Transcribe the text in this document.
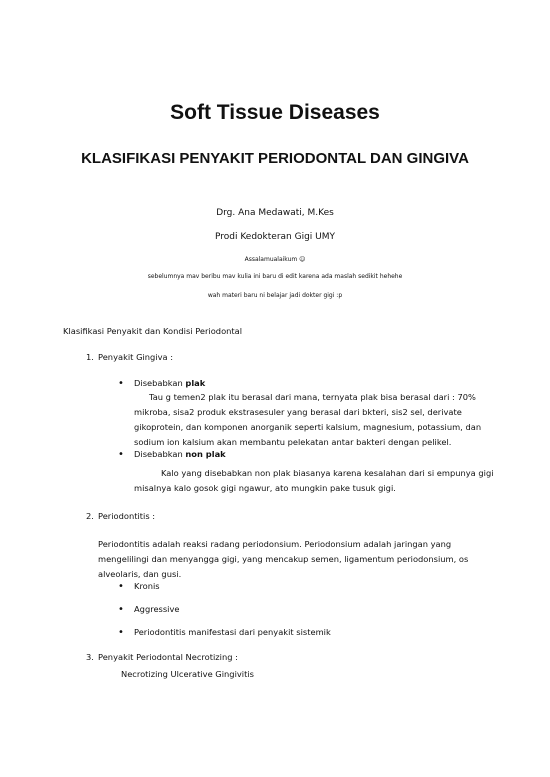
Soft Tissue Diseases
KLASIFIKASI PENYAKIT PERIODONTAL DAN GINGIVA
Drg. Ana Medawati, M.Kes
Prodi Kedokteran Gigi UMY
Assalamualaikum ☺
sebelumnya mav beribu mav kulia ini baru di edit karena ada maslah sedikit hehehe
wah materi baru ni belajar jadi dokter gigi :p
Klasifikasi Penyakit dan Kondisi Periodontal
1. Penyakit Gingiva :
• Disebabkan plak
Tau g temen2 plak itu berasal dari mana, ternyata plak bisa berasal dari : 70%
mikroba, sisa2 produk ekstrasesuler yang berasal dari bkteri, sis2 sel, derivate
gikoprotein, dan komponen anorganik seperti kalsium, magnesium, potassium, dan
sodium ion kalsium akan membantu pelekatan antar bakteri dengan pelikel.
• Disebabkan non plak
Kalo yang disebabkan non plak biasanya karena kesalahan dari si empunya gigi
misalnya kalo gosok gigi ngawur, ato mungkin pake tusuk gigi.
2. Periodontitis :
Periodontitis adalah reaksi radang periodonsium. Periodonsium adalah jaringan yang
mengelilingi dan menyangga gigi, yang mencakup semen, ligamentum periodonsium, os
alveolaris, dan gusi.
• Kronis
• Aggressive
• Periodontitis manifestasi dari penyakit sistemik
3. Penyakit Periodontal Necrotizing :
Necrotizing Ulcerative Gingivitis
